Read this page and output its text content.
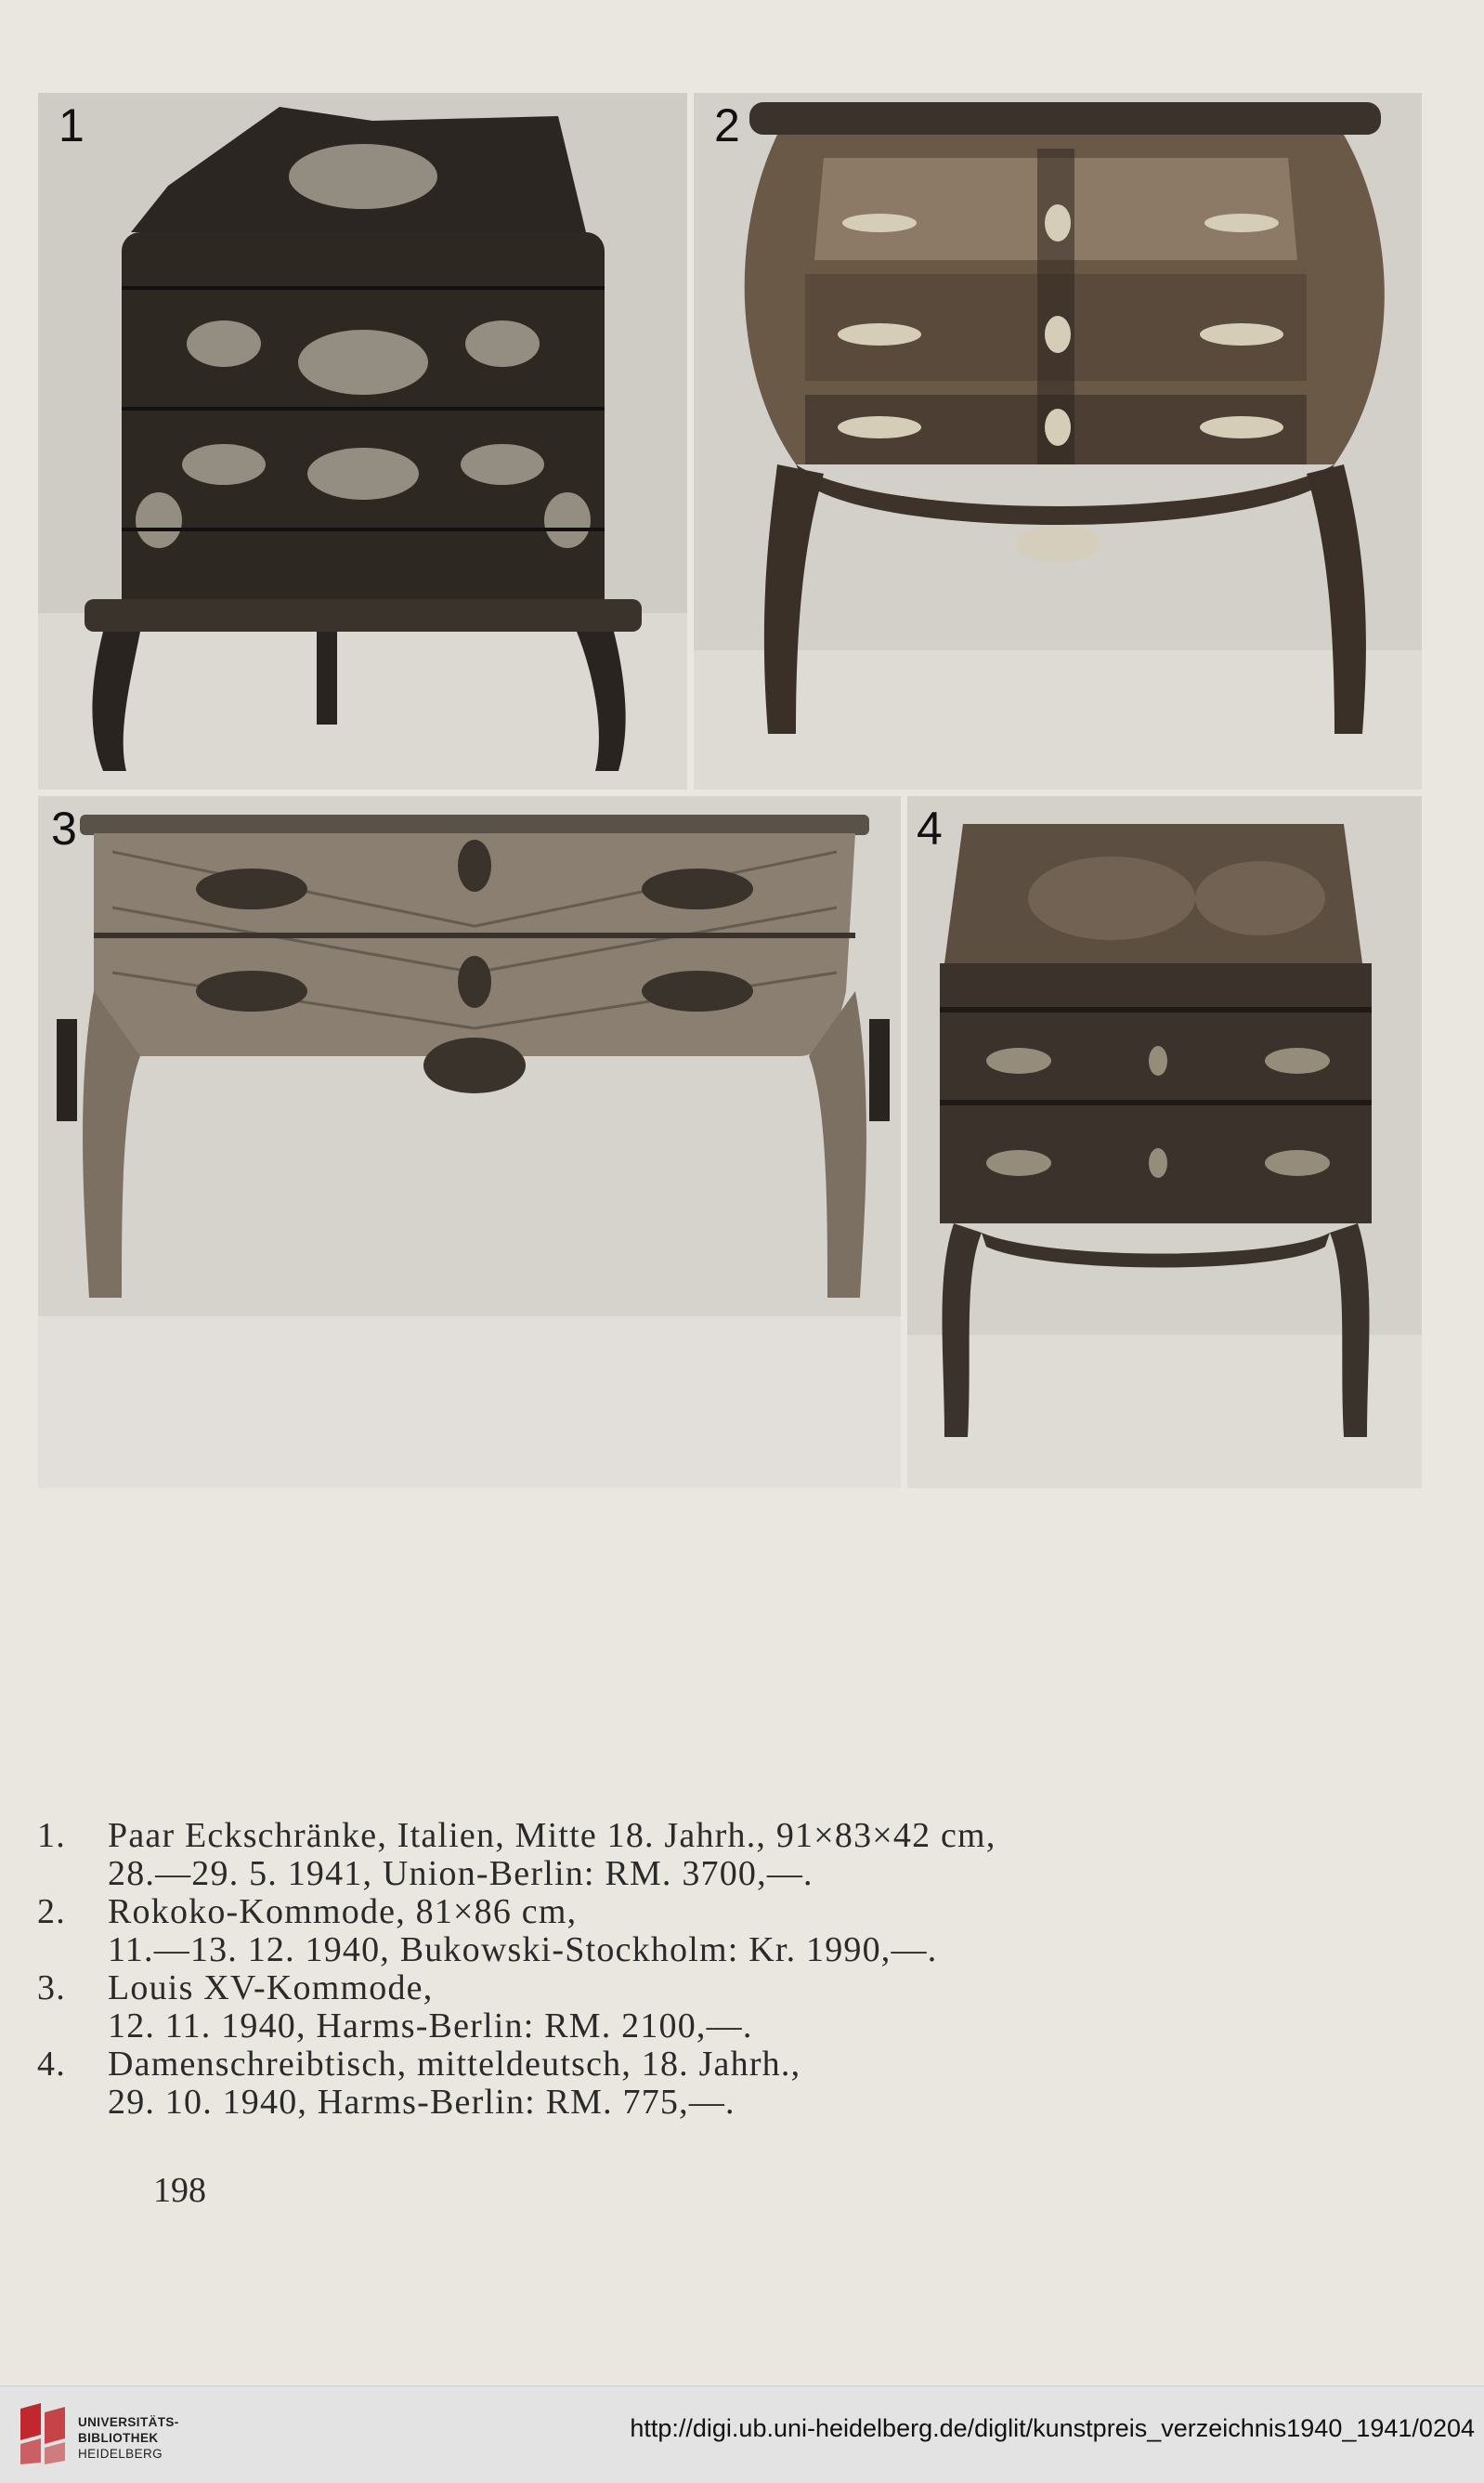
1	2
3	4
1. Paar Eckschränke, Italien, Mitte 18. Jahrh., 91×83×42 cm,
28.—29. 5. 1941, Union-Berlin: RM. 3700,—.
2. Rokoko-Kommode, 81×86 cm,
11.—13. 12. 1940, Bukowski-Stockholm: Kr. 1990,—.
3. Louis XV-Kommode,
12. 11. 1940, Harms-Berlin: RM. 2100,—.
4. Damenschreibtisch, mitteldeutsch, 18. Jahrh.,
29. 10. 1940, Harms-Berlin: RM. 775,—.
198
UNIVERSITÄTS-
BIBLIOTHEK
HEIDELBERG
http://digi.ub.uni-heidelberg.de/diglit/kunstpreis_verzeichnis1940_1941/0204
